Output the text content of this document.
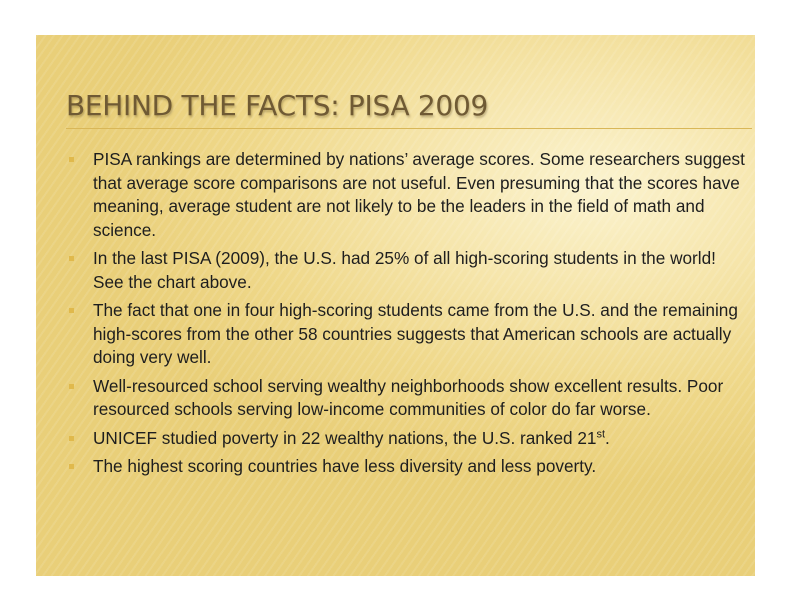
BEHIND THE FACTS: PISA 2009
PISA rankings are determined by nations’ average scores. Some researchers suggest that average score comparisons are not useful. Even presuming that the scores have meaning, average student are not likely to be the leaders in the field of math and science.
In the last PISA (2009), the U.S. had 25% of all high-scoring students in the world! See the chart above.
The fact that one in four high-scoring students came from the U.S. and the remaining high-scores from the other 58 countries suggests that American schools are actually doing very well.
Well-resourced school serving wealthy neighborhoods show excellent results. Poor resourced schools serving low-income communities of color do far worse.
UNICEF studied poverty in 22 wealthy nations, the U.S. ranked 21st.
The highest scoring countries have less diversity and less poverty.
